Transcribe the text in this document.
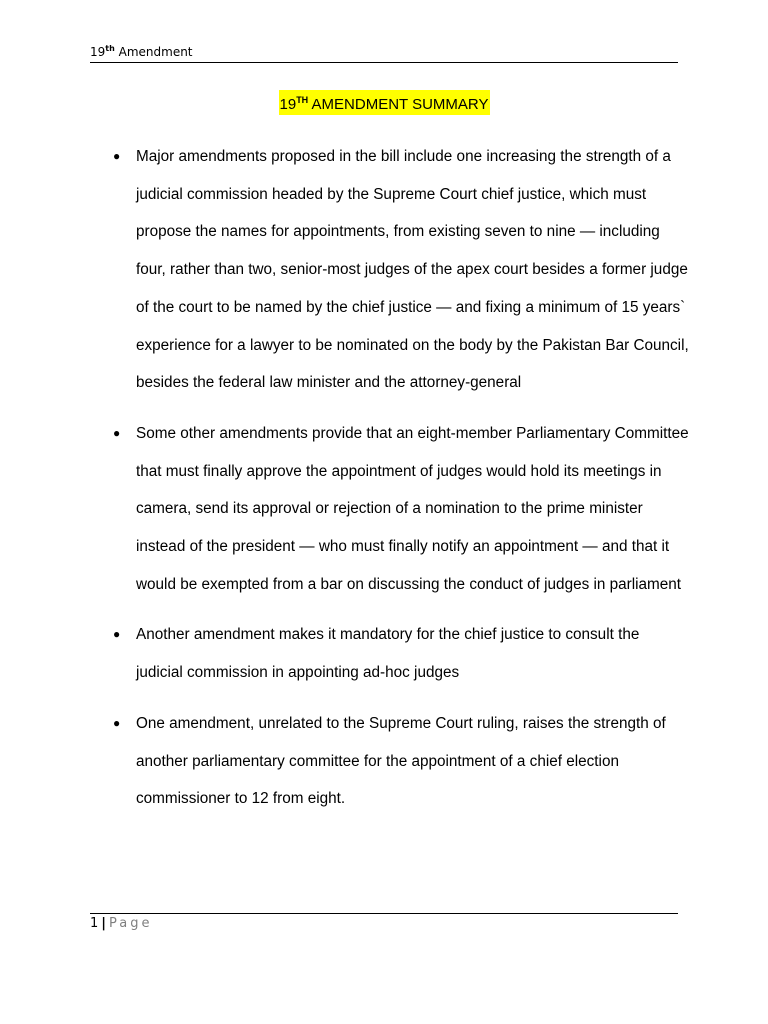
19th Amendment
19TH AMENDMENT SUMMARY
● Major amendments proposed in the bill include one increasing the strength of a judicial commission headed by the Supreme Court chief justice, which must propose the names for appointments, from existing seven to nine — including four, rather than two, senior-most judges of the apex court besides a former judge of the court to be named by the chief justice — and fixing a minimum of 15 years` experience for a lawyer to be nominated on the body by the Pakistan Bar Council, besides the federal law minister and the attorney-general
● Some other amendments provide that an eight-member Parliamentary Committee that must finally approve the appointment of judges would hold its meetings in camera, send its approval or rejection of a nomination to the prime minister instead of the president — who must finally notify an appointment — and that it would be exempted from a bar on discussing the conduct of judges in parliament
● Another amendment makes it mandatory for the chief justice to consult the judicial commission in appointing ad-hoc judges
● One amendment, unrelated to the Supreme Court ruling, raises the strength of another parliamentary committee for the appointment of a chief election commissioner to 12 from eight.
1 | Page
